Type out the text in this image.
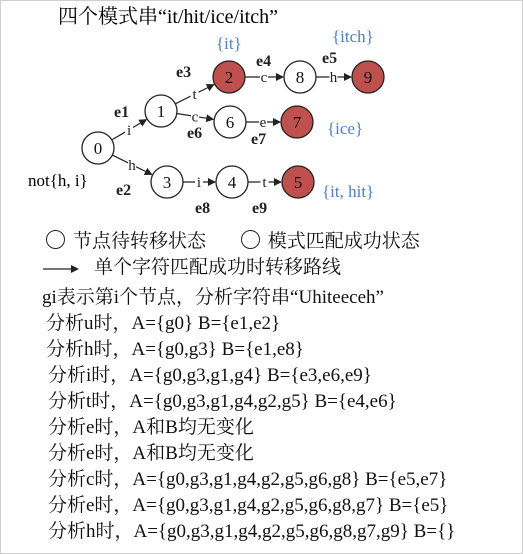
四个模式串“it/hit/ice/itch”
i
e1
h
e2
t
e3
c
e6
c
e4
h
e5
e
e7
i
e8
t
e9
0
1
2
3	4	5
6	7
8	9
not{h, i}
{it}	{itch}
{ice}
{it, hit}
节点待转移状态	模式匹配成功状态
单个字符匹配成功时转移路线
gi表示第i个节点，分析字符串“Uhiteeceh”
分析u时，A={g0} B={e1,e2}
分析h时，A={g0,g3} B={e1,e8}
分析i时，A={g0,g3,g1,g4} B={e3,e6,e9}
分析t时，A={g0,g3,g1,g4,g2,g5} B={e4,e6}
分析e时，A和B均无变化
分析e时，A和B均无变化
分析c时，A={g0,g3,g1,g4,g2,g5,g6,g8} B={e5,e7}
分析e时，A={g0,g3,g1,g4,g2,g5,g6,g8,g7} B={e5}
分析h时，A={g0,g3,g1,g4,g2,g5,g6,g8,g7,g9} B={}
